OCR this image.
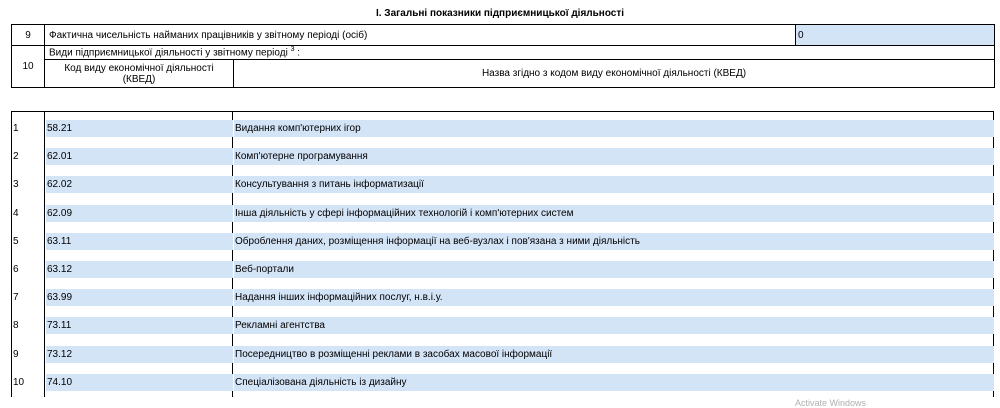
І. Загальні показники підприємницької діяльності
9	Фактична чисельність найманих працівників у звітному періоді (осіб)		0

10	Види підприємницької діяльності у звітному періоді $^3$ :		
	Код виду економічної діяльності (КВЕД)	Назва згідно з кодом виду економічної діяльності (КВЕД)	
1	58.21	Видання комп'ютерних ігор
2	62.01	Комп'ютерне програмування
3	62.02	Консультування з питань інформатизації
4	62.09	Інша діяльність у сфері інформаційних технологій і комп'ютерних систем
5	63.11	Оброблення даних, розміщення інформації на веб-вузлах і пов'язана з ними діяльність
6	63.12	Веб-портали
7	63.99	Надання інших інформаційних послуг, н.в.і.у.
8	73.11	Рекламні агентства
9	73.12	Посередництво в розміщенні реклами в засобах масової інформації
10	74.10	Спеціалізована діяльність із дизайну
Activate Windows
